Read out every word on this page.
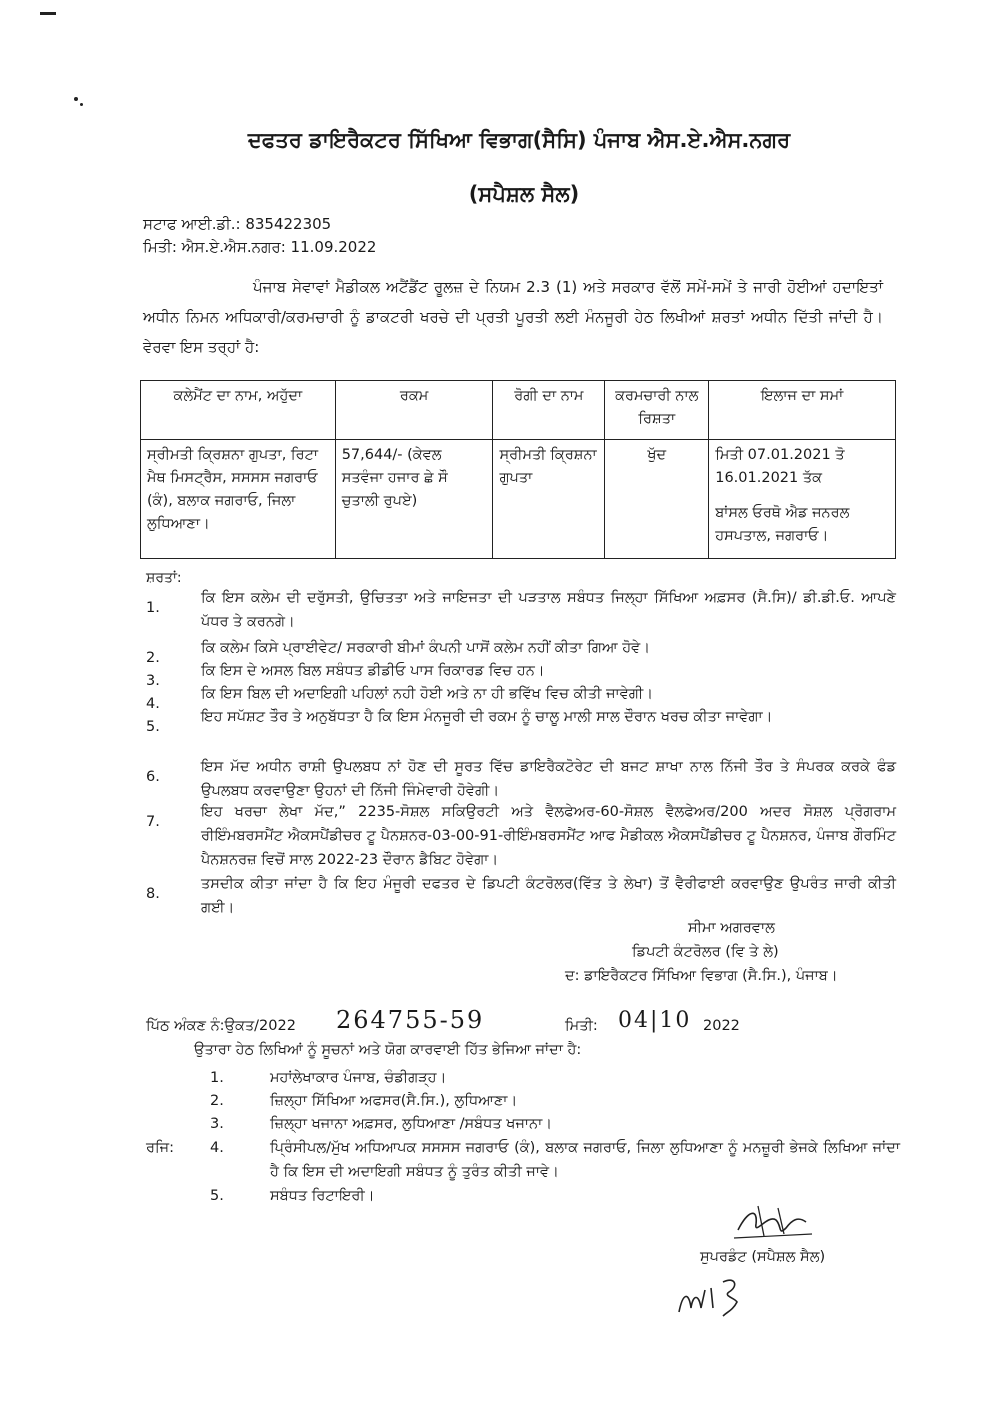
ਦਫਤਰ ਡਾਇਰੈਕਟਰ ਸਿੱਖਿਆ ਵਿਭਾਗ(ਸੈਸਿ) ਪੰਜਾਬ ਐਸ.ਏ.ਐਸ.ਨਗਰ
(ਸਪੈਸ਼ਲ ਸੈਲ)
ਸਟਾਫ ਆਈ.ਡੀ.: 835422305
ਮਿਤੀ: ਐਸ.ਏ.ਐਸ.ਨਗਰ: 11.09.2022
ਪੰਜਾਬ ਸੇਵਾਵਾਂ ਮੈਡੀਕਲ ਅਟੈਂਡੈਂਟ ਰੂਲਜ਼ ਦੇ ਨਿਯਮ 2.3 (1) ਅਤੇ ਸਰਕਾਰ ਵੱਲੋਂ ਸਮੇਂ-ਸਮੇਂ ਤੇ ਜਾਰੀ ਹੋਈਆਂ ਹਦਾਇਤਾਂ ਅਧੀਨ ਨਿਮਨ ਅਧਿਕਾਰੀ/ਕਰਮਚਾਰੀ ਨੂੰ ਡਾਕਟਰੀ ਖਰਚੇ ਦੀ ਪ੍ਰਤੀ ਪੂਰਤੀ ਲਈ ਮੰਨਜੂਰੀ ਹੇਠ ਲਿਖੀਆਂ ਸ਼ਰਤਾਂ ਅਧੀਨ ਦਿੱਤੀ ਜਾਂਦੀ ਹੈ। ਵੇਰਵਾ ਇਸ ਤਰ੍ਹਾਂ ਹੈ:
ਕਲੇਮੈਂਟ ਦਾ ਨਾਮ, ਅਹੁੱਦਾ	ਰਕਮ	ਰੋਗੀ ਦਾ ਨਾਮ	ਕਰਮਚਾਰੀ ਨਾਲ ਰਿਸ਼ਤਾ	ਇਲਾਜ ਦਾ ਸਮਾਂ
ਸ੍ਰੀਮਤੀ ਕ੍ਰਿਸ਼ਨਾ ਗੁਪਤਾ, ਰਿਟਾ ਮੈਥ ਮਿਸਟ੍ਰੈਸ, ਸਸਸਸ ਜਗਰਾਓ (ਕੰ), ਬਲਾਕ ਜਗਰਾਓ, ਜਿਲਾ ਲੁਧਿਆਣਾ।	57,644/- (ਕੇਵਲ ਸਤਵੰਜਾ ਹਜਾਰ ਛੇ ਸੌ ਚੁਤਾਲੀ ਰੁਪਏ)	ਸ੍ਰੀਮਤੀ ਕ੍ਰਿਸ਼ਨਾ ਗੁਪਤਾ	ਖੁੱਦ	ਮਿਤੀ 07.01.2021 ਤੋ 16.01.2021 ਤੱਕ
ਬਾਂਸਲ ਓਰਥੋ ਐਡ ਜਨਰਲ ਹਸਪਤਾਲ, ਜਗਰਾਓ।
ਸ਼ਰਤਾਂ:
1.
ਕਿ ਇਸ ਕਲੇਮ ਦੀ ਦਰੁੱਸਤੀ, ਉਚਿਤਤਾ ਅਤੇ ਜਾਇਜਤਾ ਦੀ ਪੜਤਾਲ ਸਬੰਧਤ ਜਿਲ੍ਹਾ ਸਿੱਖਿਆ ਅਫ਼ਸਰ (ਸੈ.ਸਿ)/ ਡੀ.ਡੀ.ਓ. ਆਪਣੇ ਪੱਧਰ ਤੇ ਕਰਨਗੇ।
2.
ਕਿ ਕਲੇਮ ਕਿਸੇ ਪ੍ਰਾਈਵੇਟ/ ਸਰਕਾਰੀ ਬੀਮਾਂ ਕੰਪਨੀ ਪਾਸੋਂ ਕਲੇਮ ਨਹੀਂ ਕੀਤਾ ਗਿਆ ਹੋਵੇ।
3.
ਕਿ ਇਸ ਦੇ ਅਸਲ ਬਿਲ ਸਬੰਧਤ ਡੀਡੀਓ ਪਾਸ ਰਿਕਾਰਡ ਵਿਚ ਹਨ।
4.
ਕਿ ਇਸ ਬਿਲ ਦੀ ਅਦਾਇਗੀ ਪਹਿਲਾਂ ਨਹੀ ਹੋਈ ਅਤੇ ਨਾ ਹੀ ਭਵਿੱਖ ਵਿਚ ਕੀਤੀ ਜਾਵੇਗੀ।
5.
ਇਹ ਸਪੱਸ਼ਟ ਤੌਰ ਤੇ ਅਨੁਬੱਧਤਾ ਹੈ ਕਿ ਇਸ ਮੰਨਜੂਰੀ ਦੀ ਰਕਮ ਨੂੰ ਚਾਲੂ ਮਾਲੀ ਸਾਲ ਦੌਰਾਨ ਖਰਚ ਕੀਤਾ ਜਾਵੇਗਾ।
6.
ਇਸ ਮੱਦ ਅਧੀਨ ਰਾਸ਼ੀ ਉਪਲਬਧ ਨਾਂ ਹੋਣ ਦੀ ਸੂਰਤ ਵਿੱਚ ਡਾਇਰੈਕਟੋਰੇਟ ਦੀ ਬਜਟ ਸ਼ਾਖਾ ਨਾਲ ਨਿੱਜੀ ਤੌਰ ਤੇ ਸੰਪਰਕ ਕਰਕੇ ਫੰਡ ਉਪਲਬਧ ਕਰਵਾਉਣਾ ਉਹਨਾਂ ਦੀ ਨਿੱਜੀ ਜਿੰਮੇਵਾਰੀ ਹੋਵੇਗੀ।
7.
ਇਹ ਖਰਚਾ ਲੇਖਾ ਮੱਦ,” 2235-ਸੋਸ਼ਲ ਸਕਿਉਰਟੀ ਅਤੇ ਵੈਲਫੇਅਰ-60-ਸੋਸ਼ਲ ਵੈਲਫੇਅਰ/200 ਅਦਰ ਸੋਸ਼ਲ ਪ੍ਰੋਗਰਾਮ ਰੀਇੰਮਬਰਸਮੈਂਟ ਐਕਸਪੈਂਡੀਚਰ ਟੂ ਪੈਨਸ਼ਨਰ-03-00-91-ਰੀਇੰਮਬਰਸਮੈਂਟ ਆਫ ਮੈਡੀਕਲ ਐਕਸਪੈਂਡੀਚਰ ਟੂ ਪੈਨਸ਼ਨਰ, ਪੰਜਾਬ ਗੌਰਮਿੰਟ ਪੈਨਸ਼ਨਰਜ਼ ਵਿਚੋਂ ਸਾਲ 2022-23 ਦੌਰਾਨ ਡੈਬਿਟ ਹੋਵੇਗਾ।
8.
ਤਸਦੀਕ ਕੀਤਾ ਜਾਂਦਾ ਹੈ ਕਿ ਇਹ ਮੰਜੂਰੀ ਦਫਤਰ ਦੇ ਡਿਪਟੀ ਕੰਟਰੋਲਰ(ਵਿੱਤ ਤੇ ਲੇਖਾ) ਤੋਂ ਵੈਰੀਫਾਈ ਕਰਵਾਉਣ ਉਪਰੰਤ ਜਾਰੀ ਕੀਤੀ ਗਈ।
ਸੀਮਾ ਅਗਰਵਾਲ
ਡਿਪਟੀ ਕੰਟਰੋਲਰ (ਵਿ ਤੇ ਲੇ)
ਦ: ਡਾਇਰੈਕਟਰ ਸਿੱਖਿਆ ਵਿਭਾਗ (ਸੈ.ਸਿ.), ਪੰਜਾਬ।
ਪਿੱਠ ਅੰਕਣ ਨੰ:ਉਕਤ/2022 264755-59	ਮਿਤੀ: 04|10 2022
ਉਤਾਰਾ ਹੇਠ ਲਿਖਿਆਂ ਨੂੰ ਸੂਚਨਾਂ ਅਤੇ ਯੋਗ ਕਾਰਵਾਈ ਹਿੱਤ ਭੇਜਿਆ ਜਾਂਦਾ ਹੈ:
ਰਜਿ:
1.	ਮਹਾਂਲੇਖਾਕਾਰ ਪੰਜਾਬ, ਚੰਡੀਗੜ੍ਹ।
2.	ਜ਼ਿਲ੍ਹਾ ਸਿੱਖਿਆ ਅਫਸਰ(ਸੈ.ਸਿ.), ਲੁਧਿਆਣਾ।
3.	ਜ਼ਿਲ੍ਹਾ ਖਜਾਨਾ ਅਫ਼ਸਰ, ਲੁਧਿਆਣਾ /ਸਬੰਧਤ ਖਜਾਨਾ।
4.	ਪ੍ਰਿੰਸੀਪਲ/ਮੁੱਖ ਅਧਿਆਪਕ ਸਸਸਸ ਜਗਰਾਓ (ਕੰ), ਬਲਾਕ ਜਗਰਾਓ, ਜਿਲਾ ਲੁਧਿਆਣਾ ਨੂੰ ਮਨਜ਼ੂਰੀ ਭੇਜਕੇ ਲਿਖਿਆ ਜਾਂਦਾ ਹੈ ਕਿ ਇਸ ਦੀ ਅਦਾਇਗੀ ਸਬੰਧਤ ਨੂੰ ਤੁਰੰਤ ਕੀਤੀ ਜਾਵੇ।
5.	ਸਬੰਧਤ ਰਿਟਾਇਰੀ।
ਸੁਪਰਡੰਟ (ਸਪੈਸ਼ਲ ਸੈਲ)
